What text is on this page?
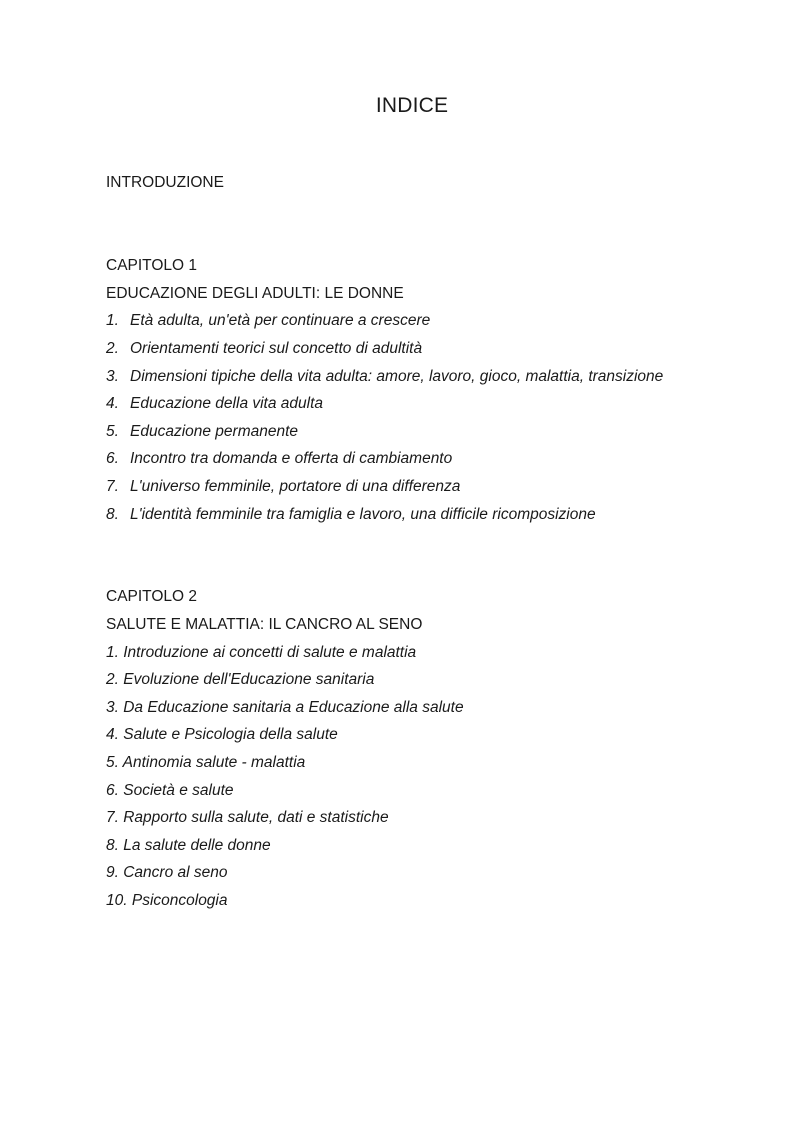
INDICE
INTRODUZIONE
CAPITOLO 1
EDUCAZIONE DEGLI ADULTI: LE DONNE
1. Età adulta, un'età per continuare a crescere
2. Orientamenti teorici sul concetto di adultità
3. Dimensioni tipiche della vita adulta: amore, lavoro, gioco, malattia, transizione
4. Educazione della vita adulta
5. Educazione permanente
6. Incontro tra domanda e offerta di cambiamento
7. L'universo femminile, portatore di una differenza
8. L'identità femminile tra famiglia e lavoro, una difficile ricomposizione
CAPITOLO 2
SALUTE E MALATTIA: IL CANCRO AL SENO
1. Introduzione ai concetti di salute e malattia
2. Evoluzione dell'Educazione sanitaria
3. Da Educazione sanitaria a Educazione alla salute
4. Salute e Psicologia della salute
5. Antinomia salute - malattia
6. Società e salute
7. Rapporto sulla salute, dati e statistiche
8. La salute delle donne
9. Cancro al seno
10. Psiconcologia
